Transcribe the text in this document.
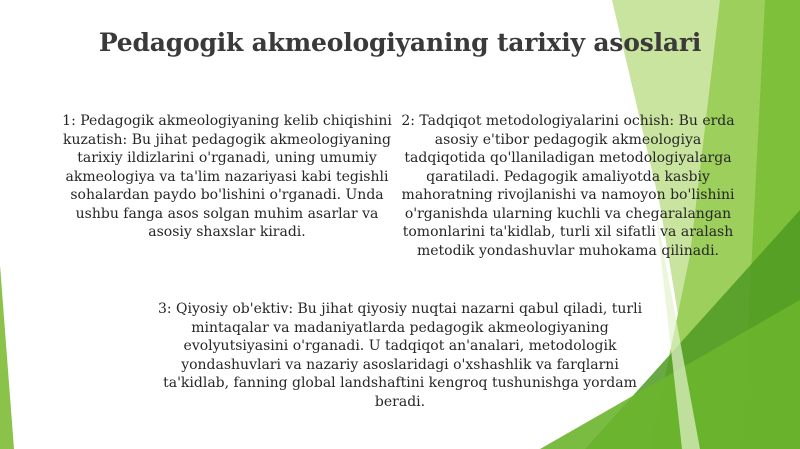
Pedagogik akmeologiyaning tarixiy asoslari

1: Pedagogik akmeologiyaning kelib chiqishini kuzatish: Bu jihat pedagogik akmeologiyaning tarixiy ildizlarini o'rganadi, uning umumiy akmeologiya va ta'lim nazariyasi kabi tegishli sohalardan paydo bo'lishini o'rganadi. Unda ushbu fanga asos solgan muhim asarlar va asosiy shaxslar kiradi.

2: Tadqiqot metodologiyalarini ochish: Bu erda asosiy e'tibor pedagogik akmeologiya tadqiqotida qo'llaniladigan metodologiyalarga qaratiladi. Pedagogik amaliyotda kasbiy mahoratning rivojlanishi va namoyon bo'lishini o'rganishda ularning kuchli va chegaralangan tomonlarini ta'kidlab, turli xil sifatli va aralash metodik yondashuvlar muhokama qilinadi.

3: Qiyosiy ob'ektiv: Bu jihat qiyosiy nuqtai nazarni qabul qiladi, turli mintaqalar va madaniyatlarda pedagogik akmeologiyaning evolyutsiyasini o'rganadi. U tadqiqot an'analari, metodologik yondashuvlari va nazariy asoslaridagi o'xshashlik va farqlarni ta'kidlab, fanning global landshaftini kengroq tushunishga yordam beradi.
